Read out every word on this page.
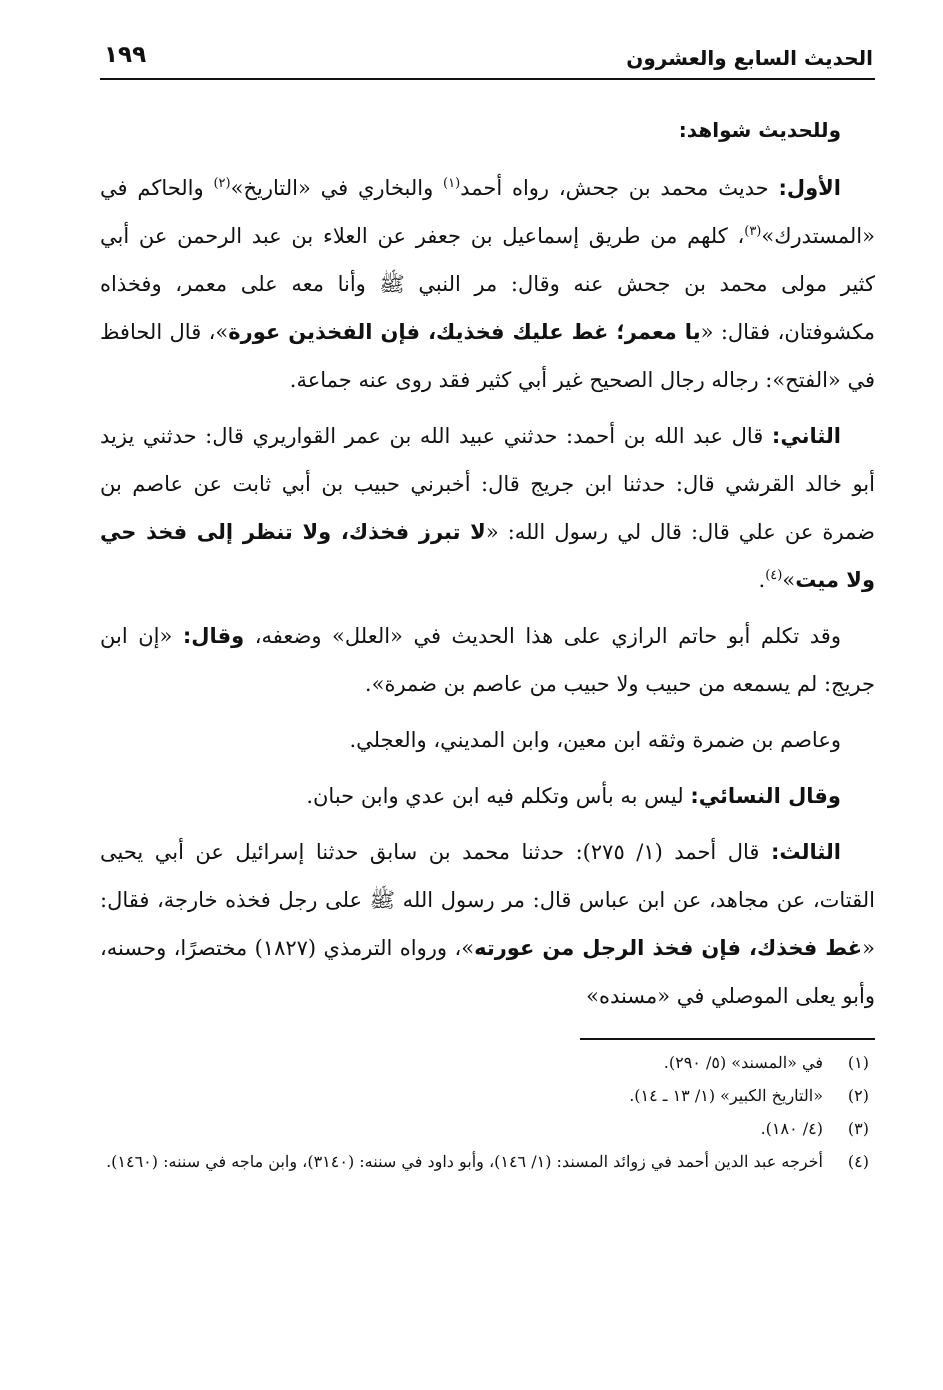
الحديث السابع والعشرون
١٩٩

وللحديث شواهد:

الأول: حديث محمد بن جحش، رواه أحمد$^{(١)}$ والبخاري في «التاريخ»$^{(٢)}$ والحاكم في «المستدرك»$^{(٣)}$، كلهم من طريق إسماعيل بن جعفر عن العلاء بن عبد الرحمن عن أبي كثير مولى محمد بن جحش عنه وقال: مر النبي ﷺ وأنا معه على معمر، وفخذاه مكشوفتان، فقال: «يا معمر؛ غط عليك فخذيك، فإن الفخذين عورة»، قال الحافظ في «الفتح»: رجاله رجال الصحيح غير أبي كثير فقد روى عنه جماعة.

الثاني: قال عبد الله بن أحمد: حدثني عبيد الله بن عمر القواريري قال: حدثني يزيد أبو خالد القرشي قال: حدثنا ابن جريج قال: أخبرني حبيب بن أبي ثابت عن عاصم بن ضمرة عن علي قال: قال لي رسول الله: «لا تبرز فخذك، ولا تنظر إلى فخذ حي ولا ميت»$^{(٤)}$.

وقد تكلم أبو حاتم الرازي على هذا الحديث في «العلل» وضعفه، وقال: «إن ابن جريج: لم يسمعه من حبيب ولا حبيب من عاصم بن ضمرة».

وعاصم بن ضمرة وثقه ابن معين، وابن المديني، والعجلي.

وقال النسائي: ليس به بأس وتكلم فيه ابن عدي وابن حبان.

الثالث: قال أحمد (١/ ٢٧٥): حدثنا محمد بن سابق حدثنا إسرائيل عن أبي يحيى القتات، عن مجاهد، عن ابن عباس قال: مر رسول الله ﷺ على رجل فخذه خارجة، فقال: «غط فخذك، فإن فخذ الرجل من عورته»، ورواه الترمذي (١٨٢٧) مختصرًا، وحسنه، وأبو يعلى الموصلي في «مسنده»

(١)
في «المسند» (٥/ ٢٩٠).
(٢)
«التاريخ الكبير» (١/ ١٣ ـ ١٤).
(٣)
(٤/ ١٨٠).
(٤)
أخرجه عبد الدين أحمد في زوائد المسند: (١/ ١٤٦)، وأبو داود في سننه: (٣١٤٠)، وابن ماجه في سننه: (١٤٦٠).
